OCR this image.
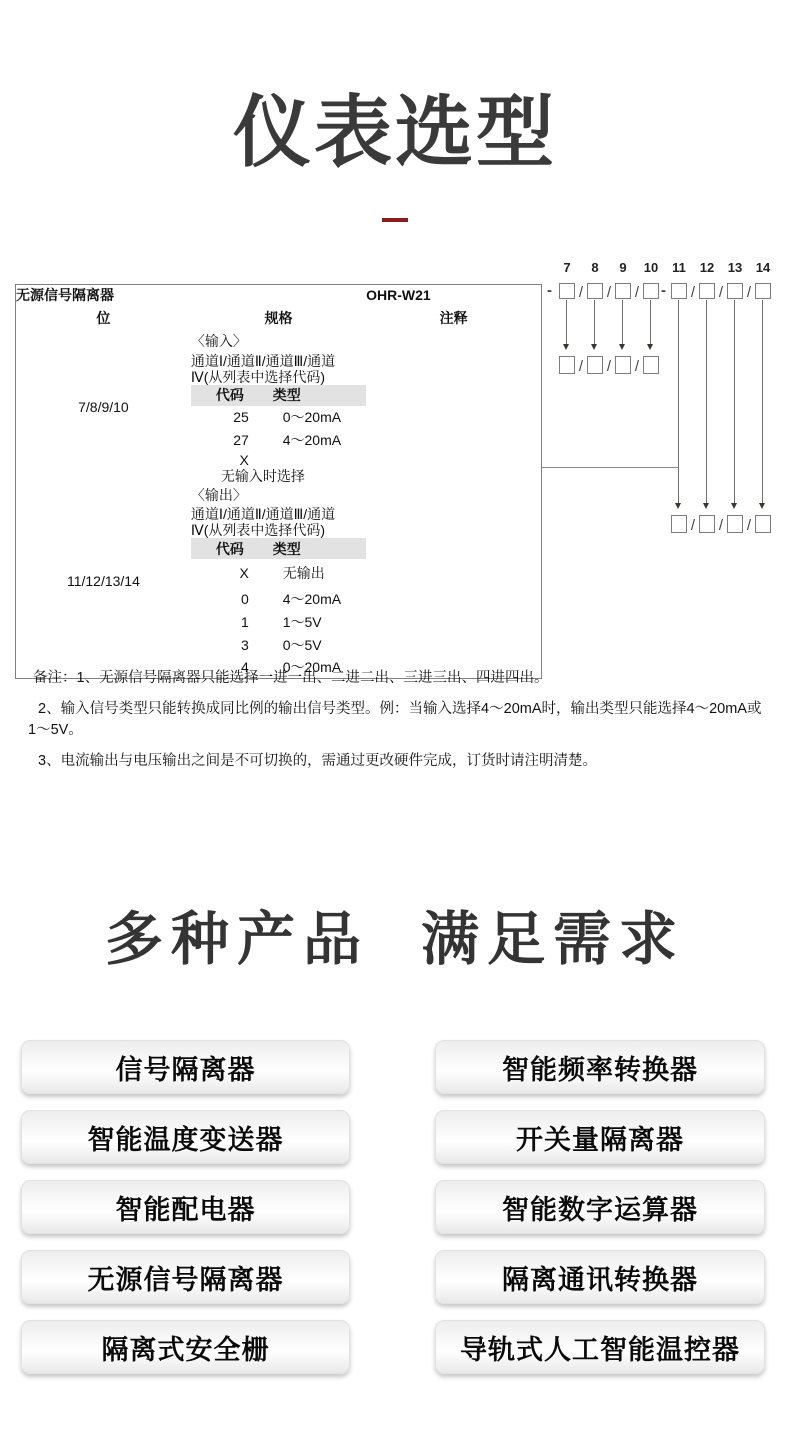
仪表选型
无源信号隔离器		OHR-W21
位	规格	注释
7/8/9/10	〈输入〉	
	通道Ⅰ/通道Ⅱ/通道Ⅲ/通道Ⅳ(从列表中选择代码)	
	代码 类型	
	25 0～20mA	
	27 4～20mA	
	X 无输入时选择	
11/12/13/14	〈输出〉	
	通道Ⅰ/通道Ⅱ/通道Ⅲ/通道Ⅳ(从列表中选择代码)	
	代码 类型	
	X 无输出	
	0 4～20mA	
	1 1～5V	
	3 0～5V	
	4 0～20mA	
7 8 9 10 11 12 13 14
-	-
/ / /	/ / /
/ / /
/ / /

备注：1、无源信号隔离器只能选择一进一出、二进二出、三进三出、四进四出。

2、输入信号类型只能转换成同比例的输出信号类型。例：当输入选择4～20mA时，输出类型只能选择4～20mA或1～5V。

3、电流输出与电压输出之间是不可切换的，需通过更改硬件完成，订货时请注明清楚。

多种产品 满足需求
信号隔离器
智能温度变送器
智能配电器
无源信号隔离器
隔离式安全栅
智能频率转换器
开关量隔离器
智能数字运算器
隔离通讯转换器
导轨式人工智能温控器
